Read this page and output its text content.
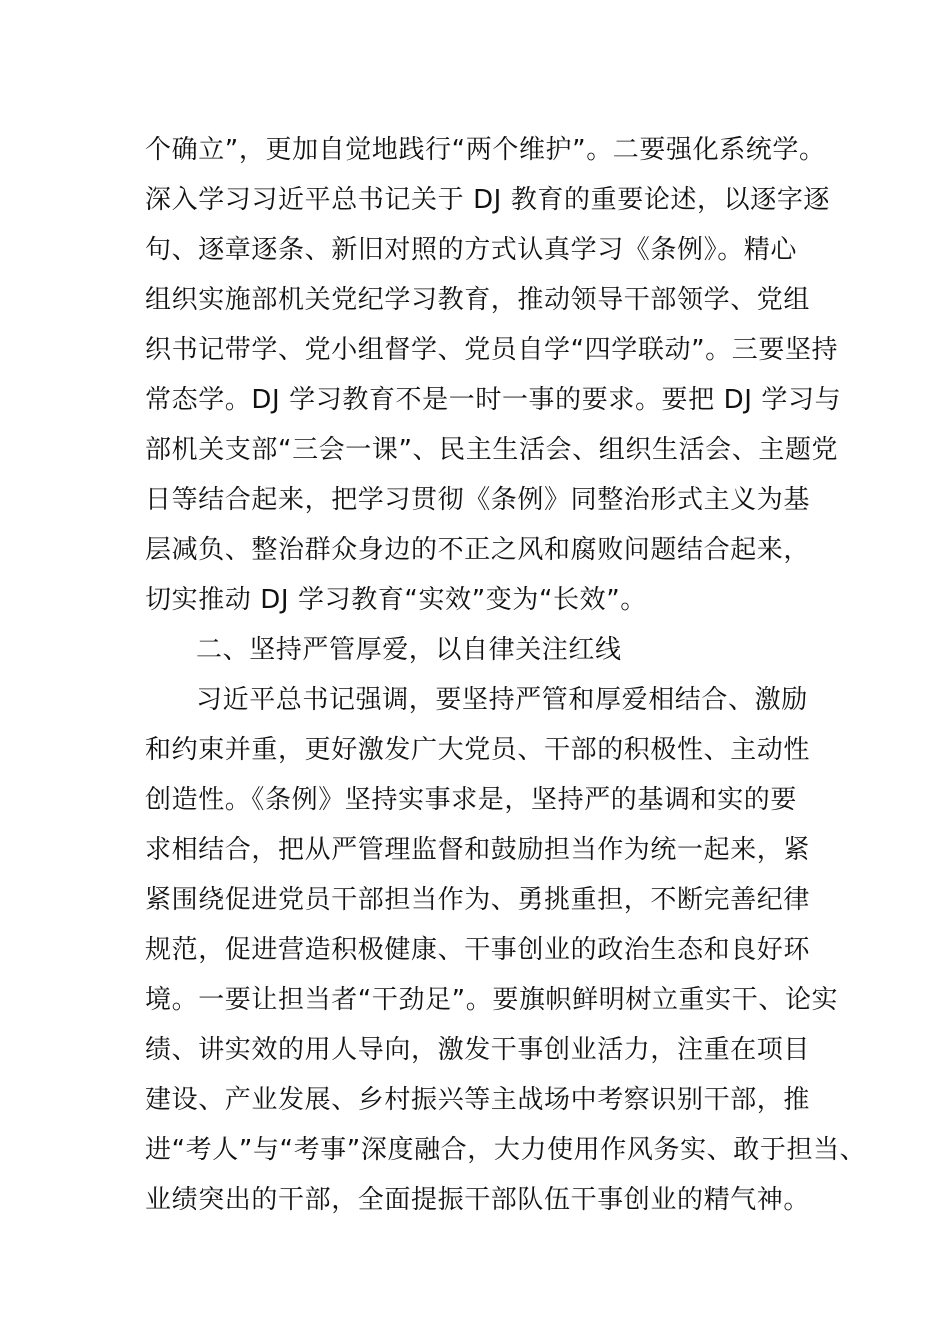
个确立”，更加自觉地践行“两个维护”。二要强化系统学。
深入学习习近平总书记关于 DJ 教育的重要论述，以逐字逐
句、逐章逐条、新旧对照的方式认真学习《条例》。精心
组织实施部机关党纪学习教育，推动领导干部领学、党组
织书记带学、党小组督学、党员自学“四学联动”。三要坚持
常态学。DJ 学习教育不是一时一事的要求。要把 DJ 学习与
部机关支部“三会一课”、民主生活会、组织生活会、主题党
日等结合起来，把学习贯彻《条例》同整治形式主义为基
层减负、整治群众身边的不正之风和腐败问题结合起来，
切实推动 DJ 学习教育“实效”变为“长效”。
二、坚持严管厚爱，以自律关注红线
习近平总书记强调，要坚持严管和厚爱相结合、激励
和约束并重，更好激发广大党员、干部的积极性、主动性
创造性。《条例》坚持实事求是，坚持严的基调和实的要
求相结合，把从严管理监督和鼓励担当作为统一起来，紧
紧围绕促进党员干部担当作为、勇挑重担，不断完善纪律
规范，促进营造积极健康、干事创业的政治生态和良好环
境。一要让担当者“干劲足”。要旗帜鲜明树立重实干、论实
绩、讲实效的用人导向，激发干事创业活力，注重在项目
建设、产业发展、乡村振兴等主战场中考察识别干部，推
进“考人”与“考事”深度融合，大力使用作风务实、敢于担当、
业绩突出的干部，全面提振干部队伍干事创业的精气神。
